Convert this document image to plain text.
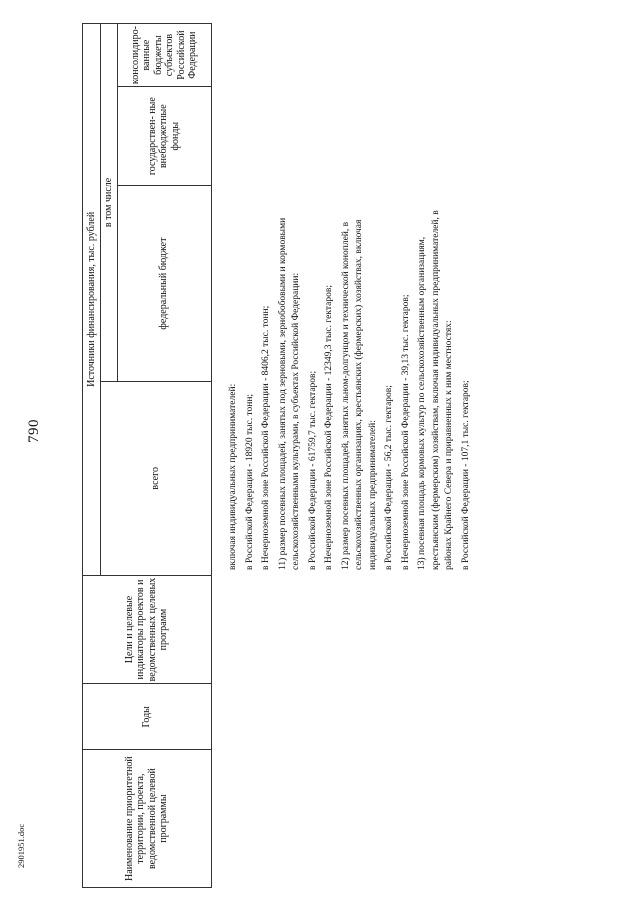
790
2901951.doc	Наименование приоритетной территории, проекта, ведомственной целевой программы	Годы	Цели и целевые индикаторы проектов и ведомственных целевых программ	Источники финансирования, тыс. рублей			
			всего	в том числе		
				федеральный бюджет	государствен- ные внебюджетные фонды	консолидиро- ванные бюджеты субъектов Российской Федерации

включая индивидуальных предпринимателей: в Российской Федерации - 18920 тыс. тонн; в Нечерноземной зоне Российской Федерации - 8406,2 тыс. тонн; 11) размер посевных площадей, занятых под зерновыми, зернобобовыми и кормовыми сельскохозяйственными культурами, в субъектах Российской Федерации: в Российской Федерации - 61759,7 тыс. гектаров; в Нечерноземной зоне Российской Федерации - 12349,3 тыс. гектаров; 12) размер посевных площадей, занятых льном-долгунцом и технической коноплей, в сельскохозяйственных организациях, крестьянских (фермерских) хозяйствах, включая индивидуальных предпринимателей: в Российской Федерации - 56,2 тыс. гектаров; в Нечерноземной зоне Российской Федерации - 39,13 тыс. гектаров; 13) посевная площадь кормовых культур по сельскохозяйственным организациям, крестьянским (фермерским) хозяйствам, включая индивидуальных предпринимателей, в районах Крайнего Севера и приравненных к ним местностях: в Российской Федерации - 107,1 тыс. гектаров;
